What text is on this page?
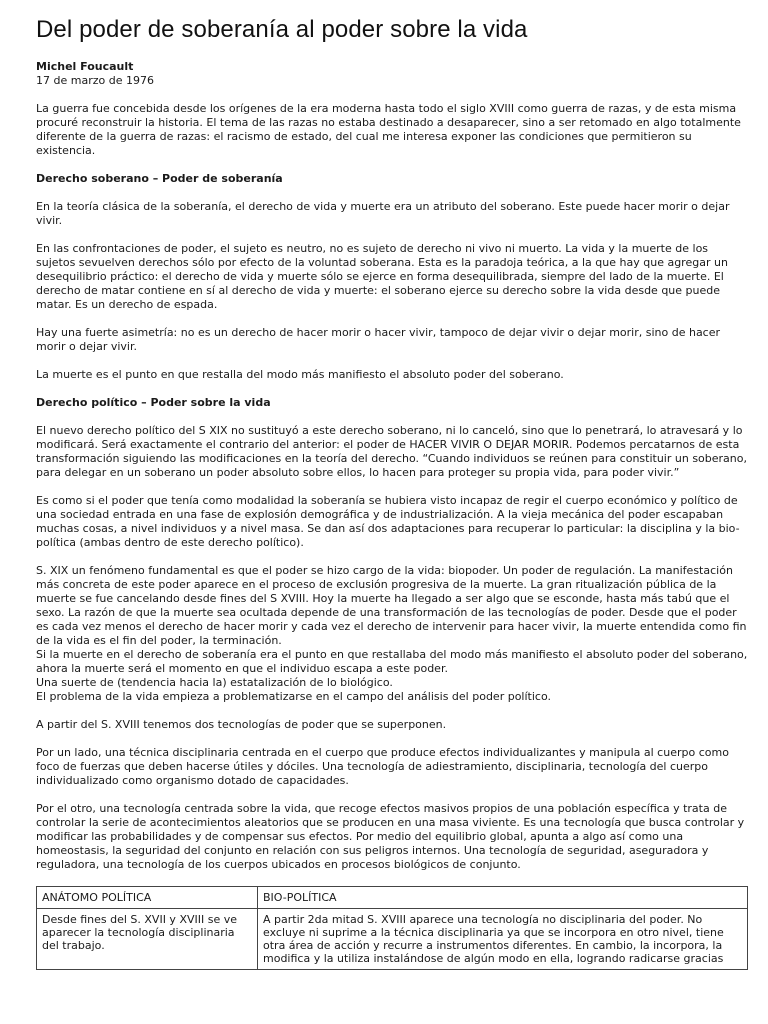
Del poder de soberanía al poder sobre la vida

Michel Foucault

17 de marzo de 1976

La guerra fue concebida desde los orígenes de la era moderna hasta todo el siglo XVIII como guerra de razas, y de esta misma procuré reconstruir la historia. El tema de las razas no estaba destinado a desaparecer, sino a ser retomado en algo totalmente diferente de la guerra de razas: el racismo de estado, del cual me interesa exponer las condiciones que permitieron su existencia.

Derecho soberano – Poder de soberanía

En la teoría clásica de la soberanía, el derecho de vida y muerte era un atributo del soberano. Este puede hacer morir o dejar vivir.

En las confrontaciones de poder, el sujeto es neutro, no es sujeto de derecho ni vivo ni muerto. La vida y la muerte de los sujetos sevuelven derechos sólo por efecto de la voluntad soberana. Esta es la paradoja teórica, a la que hay que agregar un desequilibrio práctico: el derecho de vida y muerte sólo se ejerce en forma desequilibrada, siempre del lado de la muerte. El derecho de matar contiene en sí al derecho de vida y muerte: el soberano ejerce su derecho sobre la vida desde que puede matar. Es un derecho de espada.

Hay una fuerte asimetría: no es un derecho de hacer morir o hacer vivir, tampoco de dejar vivir o dejar morir, sino de hacer morir o dejar vivir.

La muerte es el punto en que restalla del modo más manifiesto el absoluto poder del soberano.

Derecho político – Poder sobre la vida

El nuevo derecho político del S XIX no sustituyó a este derecho soberano, ni lo canceló, sino que lo penetrará, lo atravesará y lo modificará. Será exactamente el contrario del anterior: el poder de HACER VIVIR O DEJAR MORIR. Podemos percatarnos de esta transformación siguiendo las modificaciones en la teoría del derecho. “Cuando individuos se reúnen para constituir un soberano, para delegar en un soberano un poder absoluto sobre ellos, lo hacen para proteger su propia vida, para poder vivir.”

Es como si el poder que tenía como modalidad la soberanía se hubiera visto incapaz de regir el cuerpo económico y político de una sociedad entrada en una fase de explosión demográfica y de industrialización. A la vieja mecánica del poder escapaban muchas cosas, a nivel individuos y a nivel masa. Se dan así dos adaptaciones para recuperar lo particular: la disciplina y la bio-política (ambas dentro de este derecho político).

S. XIX un fenómeno fundamental es que el poder se hizo cargo de la vida: biopoder. Un poder de regulación. La manifestación más concreta de este poder aparece en el proceso de exclusión progresiva de la muerte. La gran ritualización pública de la muerte se fue cancelando desde fines del S XVIII. Hoy la muerte ha llegado a ser algo que se esconde, hasta más tabú que el sexo. La razón de que la muerte sea ocultada depende de una transformación de las tecnologías de poder. Desde que el poder es cada vez menos el derecho de hacer morir y cada vez el derecho de intervenir para hacer vivir, la muerte entendida como fin de la vida es el fin del poder, la terminación.

Si la muerte en el derecho de soberanía era el punto en que restallaba del modo más manifiesto el absoluto poder del soberano, ahora la muerte será el momento en que el individuo escapa a este poder.

Una suerte de (tendencia hacia la) estatalización de lo biológico.

El problema de la vida empieza a problematizarse en el campo del análisis del poder político.

A partir del S. XVIII tenemos dos tecnologías de poder que se superponen.

Por un lado, una técnica disciplinaria centrada en el cuerpo que produce efectos individualizantes y manipula al cuerpo como foco de fuerzas que deben hacerse útiles y dóciles. Una tecnología de adiestramiento, disciplinaria, tecnología del cuerpo individualizado como organismo dotado de capacidades.

Por el otro, una tecnología centrada sobre la vida, que recoge efectos masivos propios de una población específica y trata de controlar la serie de acontecimientos aleatorios que se producen en una masa viviente. Es una tecnología que busca controlar y modificar las probabilidades y de compensar sus efectos. Por medio del equilibrio global, apunta a algo así como una homeostasis, la seguridad del conjunto en relación con sus peligros internos. Una tecnología de seguridad, aseguradora y reguladora, una tecnología de los cuerpos ubicados en procesos biológicos de conjunto.

ANÁTOMO POLÍTICA	BIO-POLÍTICA
Desde fines del S. XVII y XVIII se ve aparecer la tecnología disciplinaria del trabajo.	A partir 2da mitad S. XVIII aparece una tecnología no disciplinaria del poder. No excluye ni suprime a la técnica disciplinaria ya que se incorpora en otro nivel, tiene otra área de acción y recurre a instrumentos diferentes. En cambio, la incorpora, la modifica y la utiliza instalándose de algún modo en ella, logrando radicarse gracias
